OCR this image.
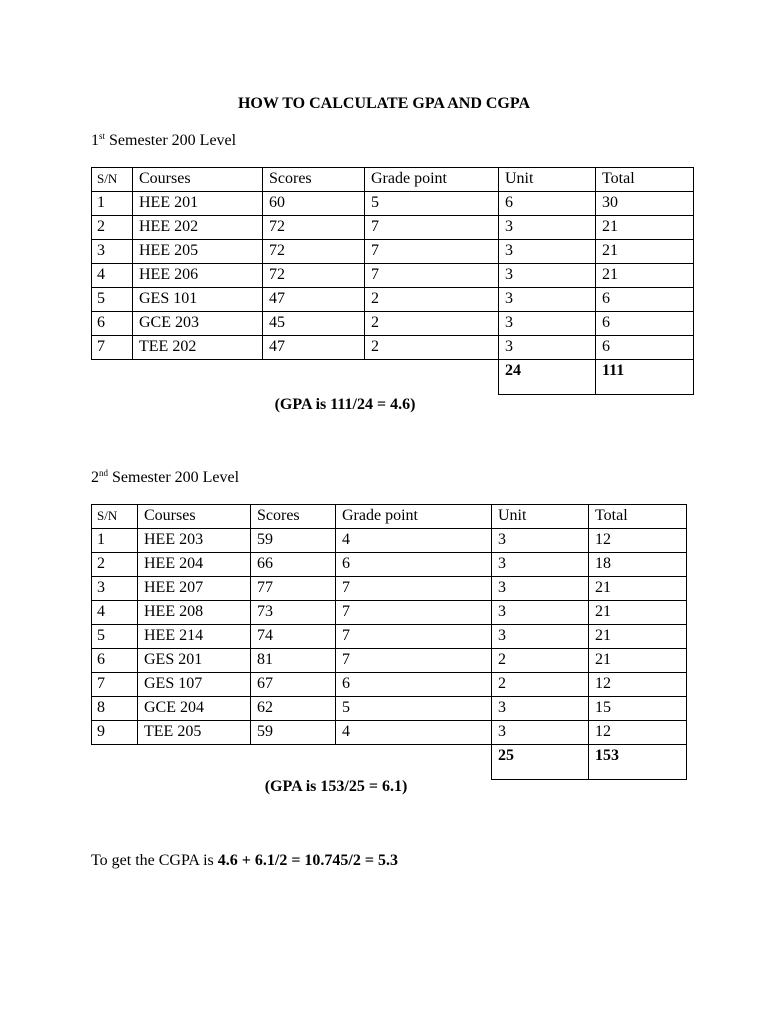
HOW TO CALCULATE GPA AND CGPA
1st Semester 200 Level
S/N	Courses	Scores	Grade point	Unit	Total
1	HEE 201	60	5	6	30
2	HEE 202	72	7	3	21
3	HEE 205	72	7	3	21
4	HEE 206	72	7	3	21
5	GES 101	47	2	3	6
6	GCE 203	45	2	3	6
7	TEE 202	47	2	3	6
				24	111
(GPA is 111/24 = 4.6)
2nd Semester 200 Level
S/N	Courses	Scores	Grade point	Unit	Total
1	HEE 203	59	4	3	12
2	HEE 204	66	6	3	18
3	HEE 207	77	7	3	21
4	HEE 208	73	7	3	21
5	HEE 214	74	7	3	21
6	GES 201	81	7	2	21
7	GES 107	67	6	2	12
8	GCE 204	62	5	3	15
9	TEE 205	59	4	3	12
				25	153
(GPA is 153/25 = 6.1)
To get the CGPA is 4.6 + 6.1/2 = 10.745/2 = 5.3
